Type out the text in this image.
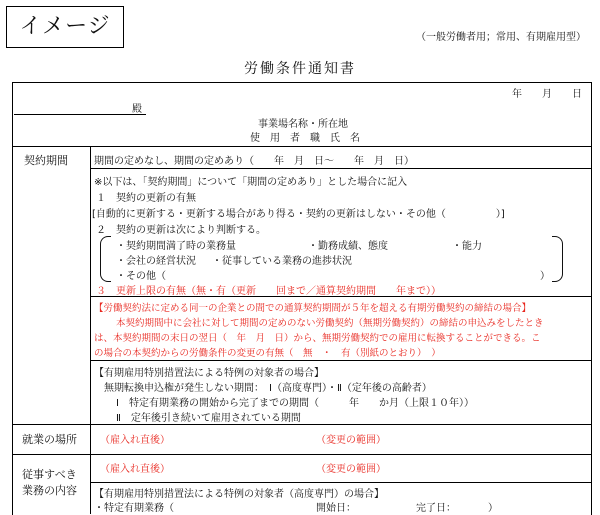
イメージ	（一般労働者用；常用、有期雇用型）
労働条件通知書
年　　月　　日
殿
事業場名称・所在地
使　用　者　職　氏　名
契約期間	期間の定めなし、期間の定めあり（　　年　月　日～　　年　月　日）
※以下は、「契約期間」について「期間の定めあり」とした場合に記入
１　契約の更新の有無
[自動的に更新する・更新する場合があり得る・契約の更新はしない・その他（　　　　　）]
２　契約の更新は次により判断する。
・契約期間満了時の業務量	・勤務成績、態度	・能力
・会社の経営状況 ・従事している業務の進捗状況
・その他（	）
３　更新上限の有無（無・有（更新　　回まで／通算契約期間　　年まで））
【労働契約法に定める同一の企業との間での通算契約期間が５年を超える有期労働契約の締結の場合】
本契約期間中に会社に対して期間の定めのない労働契約（無期労働契約）の締結の申込みをしたとき
は、本契約期間の末日の翌日（　年　月　日）から、無期労働契約での雇用に転換することができる。こ
の場合の本契約からの労働条件の変更の有無（　無　・　有（別紙のとおり）　）
【有期雇用特別措置法による特例の対象者の場合】
無期転換申込権が発生しない期間：　Ⅰ（高度専門）・Ⅱ（定年後の高齢者）
Ⅰ　特定有期業務の開始から完了までの期間（　　　年　　か月（上限１０年））
Ⅱ　定年後引き続いて雇用されている期間
就業の場所 （雇入れ直後）	（変更の範囲）
従事すべき
業務の内容
（雇入れ直後）	（変更の範囲）
【有期雇用特別措置法による特例の対象者（高度専門）の場合】
・特定有期業務（	開始日：	完了日：	）
